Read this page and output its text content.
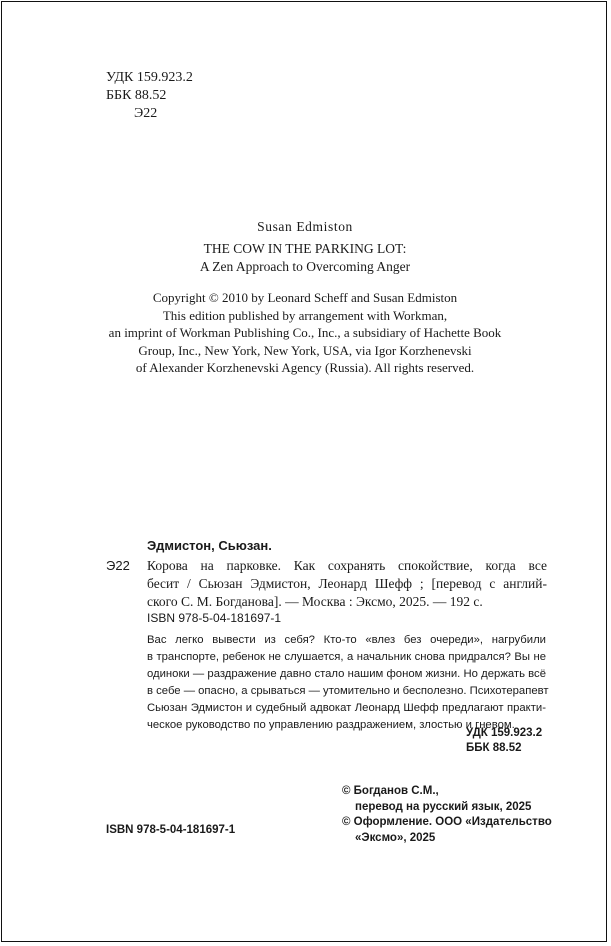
УДК 159.923.2
ББК 88.52
Э22
Susan Edmiston
THE COW IN THE PARKING LOT:
A Zen Approach to Overcoming Anger
Copyright © 2010 by Leonard Scheff and Susan Edmiston
This edition published by arrangement with Workman,
an imprint of Workman Publishing Co., Inc., a subsidiary of Hachette Book
Group, Inc., New York, New York, USA, via Igor Korzhenevski
of Alexander Korzhenevski Agency (Russia). All rights reserved.
Эдмистон, Сьюзан.
Э22 Корова на парковке. Как сохранять спокойствие, когда все
бесит / Сьюзан Эдмистон, Леонард Шефф ; [перевод с англий-
ского С. М. Богданова]. — Москва : Эксмо, 2025. — 192 с.
ISBN 978-5-04-181697-1
Вас легко вывести из себя? Кто-то «влез без очереди», нагрубили
в транспорте, ребенок не слушается, а начальник снова придрался? Вы не
одиноки — раздражение давно стало нашим фоном жизни. Но держать всё
в себе — опасно, а срываться — утомительно и бесполезно. Психотерапевт
Сьюзан Эдмистон и судебный адвокат Леонард Шефф предлагают практи-
ческое руководство по управлению раздражением, злостью и гневом.
УДК 159.923.2
ББК 88.52
© Богданов С.М.,
перевод на русский язык, 2025
© Оформление. ООО «Издательство
«Эксмо», 2025
ISBN 978-5-04-181697-1
